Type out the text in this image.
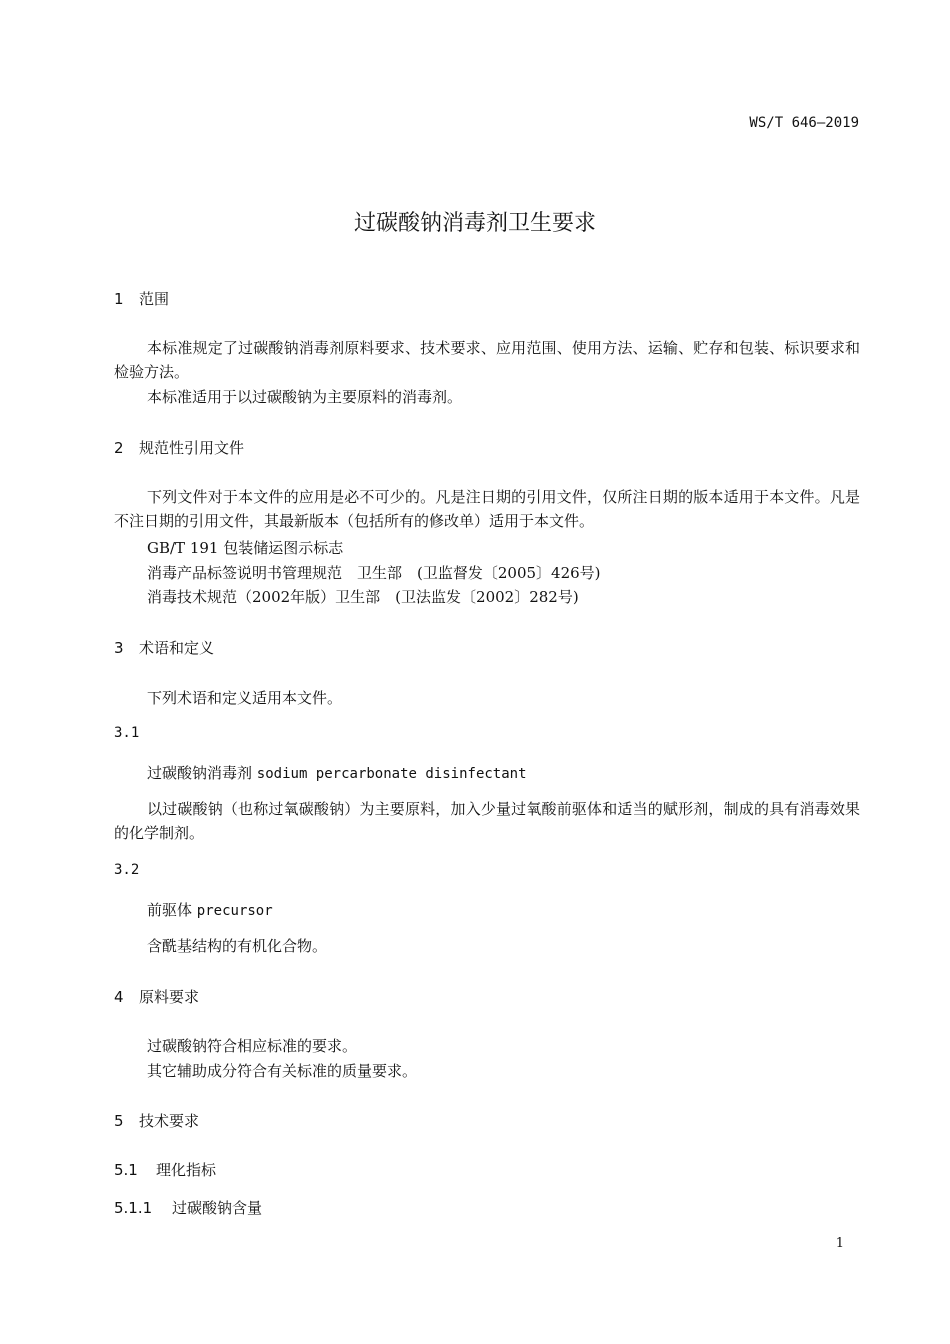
WS/T 646—2019
过碳酸钠消毒剂卫生要求
1 范围
本标准规定了过碳酸钠消毒剂原料要求、技术要求、应用范围、使用方法、运输、贮存和包装、标识要求和检验方法。
本标准适用于以过碳酸钠为主要原料的消毒剂。
2 规范性引用文件
下列文件对于本文件的应用是必不可少的。凡是注日期的引用文件，仅所注日期的版本适用于本文件。凡是不注日期的引用文件，其最新版本（包括所有的修改单）适用于本文件。
GB/T 191 包装储运图示标志
消毒产品标签说明书管理规范　卫生部　(卫监督发〔2005〕426号)
消毒技术规范（2002年版）卫生部　(卫法监发〔2002〕282号)
3 术语和定义
下列术语和定义适用本文件。
3.1
过碳酸钠消毒剂 sodium percarbonate disinfectant
以过碳酸钠（也称过氧碳酸钠）为主要原料，加入少量过氧酸前驱体和适当的赋形剂，制成的具有消毒效果的化学制剂。
3.2
前驱体 precursor
含酰基结构的有机化合物。
4 原料要求
过碳酸钠符合相应标准的要求。
其它辅助成分符合有关标准的质量要求。
5 技术要求
5.1 理化指标
5.1.1 过碳酸钠含量
1
